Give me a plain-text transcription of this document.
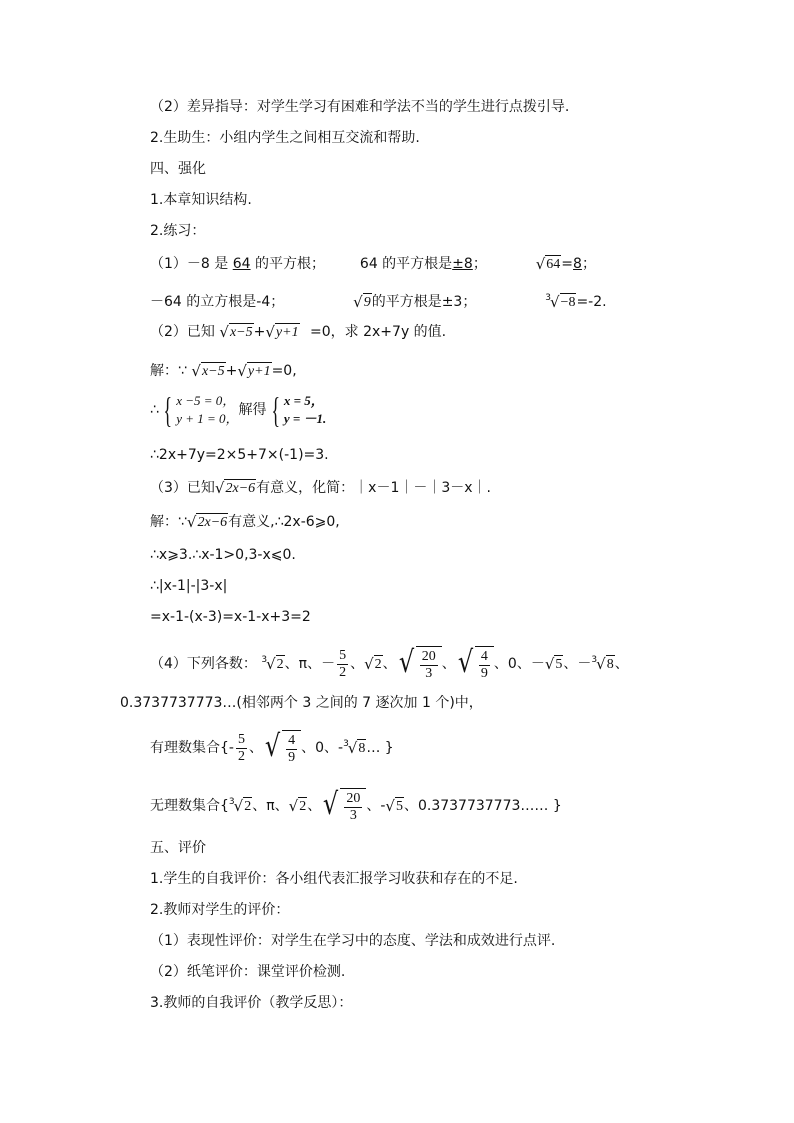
（2）差异指导：对学生学习有困难和学法不当的学生进行点拨引导.
2.生助生：小组内学生之间相互交流和帮助.
四、强化
1.本章知识结构.
2.练习：
（1）－8 是 64 的平方根； 64 的平方根是±8；	√ 64 =8；
－64 的立方根是-4；	√ 9 的平方根是±3；	$^3$ √ −8 =-2.
（2）已知 √ x−5 + √ y+1 =0，求 2x+7y 的值.
解：∵ √ x−5 + √ y+1 =0,
∴ { x −5 = 0，
y + 1 = 0，
解得 { x = 5，
y = －1.
∴2x+7y=2×5+7×(-1)=3.
（3）已知 √ 2x−6 有意义，化简：｜x－1｜－｜3－x｜.
解：∵ √ 2x−6 有意义,∴2x-6⩾0,
∴x⩾3.∴x-1>0,3-x⩽0.
∴|x-1|-|3-x|
=x-1-(x-3)=x-1-x+3=2
（4）下列各数： $^3$ √ 2 、π、－ $\frac{5}{2}$ 、 √ 2 、 √ $\frac{20}{3}$ 、 √ $\frac{4}{9}$ 、0、－ √ 5 、－$^3$ √ 8 、
0.3737737773…(相邻两个 3 之间的 7 逐次加 1 个)中，
有理数集合{- $\frac{5}{2}$ 、 √ $\frac{4}{9}$ 、0、-$^3$ √ 8 … }
无理数集合{$^3$ √ 2 、π、 √ 2 、 √ $\frac{20}{3}$ 、- √ 5 、0.3737737773…… }
五、评价
1.学生的自我评价：各小组代表汇报学习收获和存在的不足.
2.教师对学生的评价：
（1）表现性评价：对学生在学习中的态度、学法和成效进行点评.
（2）纸笔评价：课堂评价检测.
3.教师的自我评价（教学反思）：
